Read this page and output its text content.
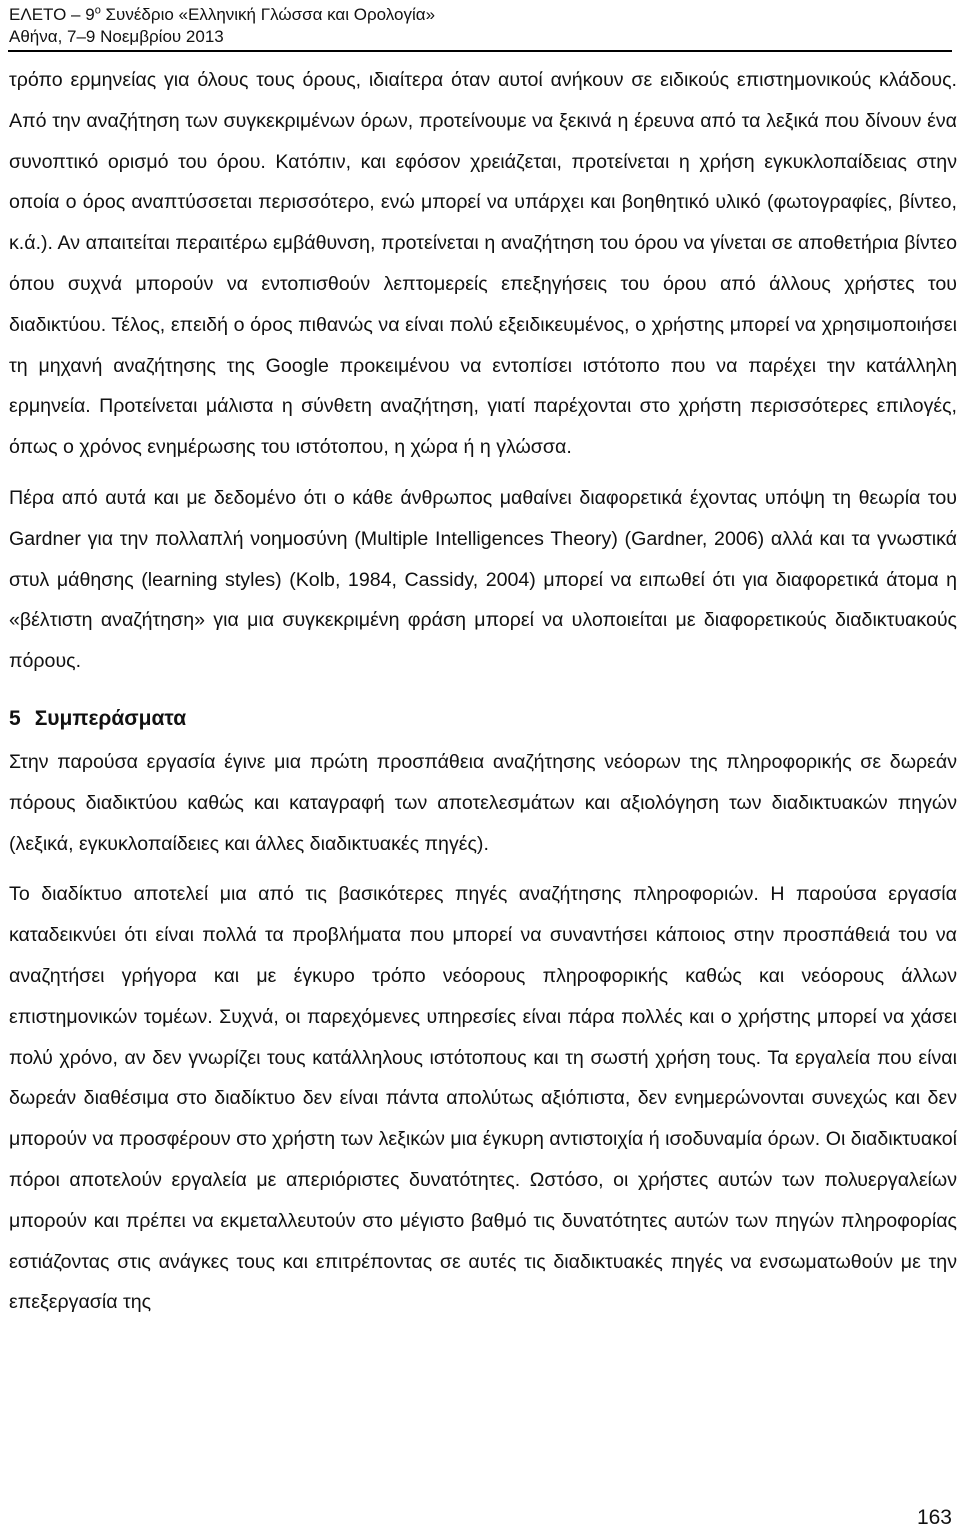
ΕΛΕΤΟ – $9^o$ Συνέδριο «Ελληνική Γλώσσα και Ορολογία»
Αθήνα, 7–9 Νοεμβρίου 2013

τρόπο ερμηνείας για όλους τους όρους, ιδιαίτερα όταν αυτοί ανήκουν σε ειδικούς επιστημονικούς κλάδους. Από την αναζήτηση των συγκεκριμένων όρων, προτείνουμε να ξεκινά η έρευνα από τα λεξικά που δίνουν ένα συνοπτικό ορισμό του όρου. Κατόπιν, και εφόσον χρειάζεται, προτείνεται η χρήση εγκυκλοπαίδειας στην οποία ο όρος αναπτύσσεται περισσότερο, ενώ μπορεί να υπάρχει και βοηθητικό υλικό (φωτογραφίες, βίντεο, κ.ά.). Αν απαιτείται περαιτέρω εμβάθυνση, προτείνεται η αναζήτηση του όρου να γίνεται σε αποθετήρια βίντεο όπου συχνά μπορούν να εντοπισθούν λεπτομερείς επεξηγήσεις του όρου από άλλους χρήστες του διαδικτύου. Τέλος, επειδή ο όρος πιθανώς να είναι πολύ εξειδικευμένος, ο χρήστης μπορεί να χρησιμοποιήσει τη μηχανή αναζήτησης της Google προκειμένου να εντοπίσει ιστότοπο που να παρέχει την κατάλληλη ερμηνεία. Προτείνεται μάλιστα η σύνθετη αναζήτηση, γιατί παρέχονται στο χρήστη περισσότερες επιλογές, όπως ο χρόνος ενημέρωσης του ιστότοπου, η χώρα ή η γλώσσα.

Πέρα από αυτά και με δεδομένο ότι ο κάθε άνθρωπος μαθαίνει διαφορετικά έχοντας υπόψη τη θεωρία του Gardner για την πολλαπλή νοημοσύνη (Multiple Intelligences Theory) (Gardner, 2006) αλλά και τα γνωστικά στυλ μάθησης (learning styles) (Kolb, 1984, Cassidy, 2004) μπορεί να ειπωθεί ότι για διαφορετικά άτομα η «βέλτιστη αναζήτηση» για μια συγκεκριμένη φράση μπορεί να υλοποιείται με διαφορετικούς διαδικτυακούς πόρους.

5 Συμπεράσματα

Στην παρούσα εργασία έγινε μια πρώτη προσπάθεια αναζήτησης νεόορων της πληροφορικής σε δωρεάν πόρους διαδικτύου καθώς και καταγραφή των αποτελεσμάτων και αξιολόγηση των διαδικτυακών πηγών (λεξικά, εγκυκλοπαίδειες και άλλες διαδικτυακές πηγές).

Το διαδίκτυο αποτελεί μια από τις βασικότερες πηγές αναζήτησης πληροφοριών. Η παρούσα εργασία καταδεικνύει ότι είναι πολλά τα προβλήματα που μπορεί να συναντήσει κάποιος στην προσπάθειά του να αναζητήσει γρήγορα και με έγκυρο τρόπο νεόορους πληροφορικής καθώς και νεόορους άλλων επιστημονικών τομέων. Συχνά, οι παρεχόμενες υπηρεσίες είναι πάρα πολλές και ο χρήστης μπορεί να χάσει πολύ χρόνο, αν δεν γνωρίζει τους κατάλληλους ιστότοπους και τη σωστή χρήση τους. Τα εργαλεία που είναι δωρεάν διαθέσιμα στο διαδίκτυο δεν είναι πάντα απολύτως αξιόπιστα, δεν ενημερώνονται συνεχώς και δεν μπορούν να προσφέρουν στο χρήστη των λεξικών μια έγκυρη αντιστοιχία ή ισοδυναμία όρων. Οι διαδικτυακοί πόροι αποτελούν εργαλεία με απεριόριστες δυνατότητες. Ωστόσο, οι χρήστες αυτών των πολυεργαλείων μπορούν και πρέπει να εκμεταλλευτούν στο μέγιστο βαθμό τις δυνατότητες αυτών των πηγών πληροφορίας εστιάζοντας στις ανάγκες τους και επιτρέποντας σε αυτές τις διαδικτυακές πηγές να ενσωματωθούν με την επεξεργασία της

163
